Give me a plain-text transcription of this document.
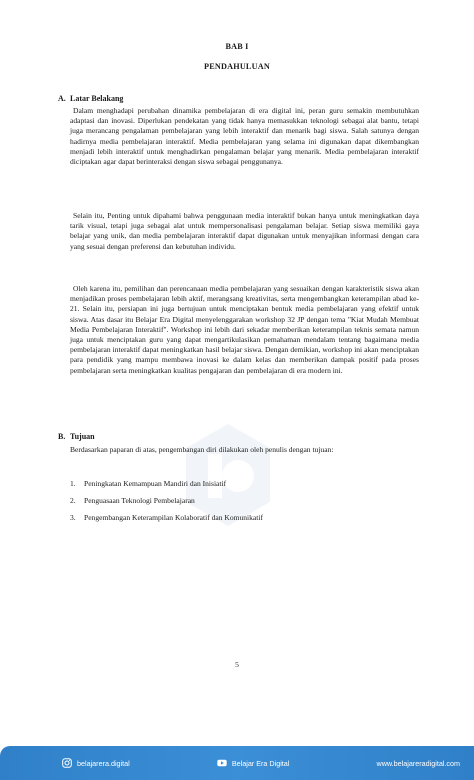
BAB I
PENDAHULUAN
A. Latar Belakang

Dalam menghadapi perubahan dinamika pembelajaran di era digital ini, peran guru semakin membutuhkan adaptasi dan inovasi. Diperlukan pendekatan yang tidak hanya memasukkan teknologi sebagai alat bantu, tetapi juga merancang pengalaman pembelajaran yang lebih interaktif dan menarik bagi siswa. Salah satunya dengan hadirnya media pembelajaran interaktif. Media pembelajaran yang selama ini digunakan dapat dikembangkan menjadi lebih interaktif untuk menghadirkan pengalaman belajar yang menarik. Media pembelajaran interaktif diciptakan agar dapat berinteraksi dengan siswa sebagai penggunanya.

Selain itu, Penting untuk dipahami bahwa penggunaan media interaktif bukan hanya untuk meningkatkan daya tarik visual, tetapi juga sebagai alat untuk mempersonalisasi pengalaman belajar. Setiap siswa memiliki gaya belajar yang unik, dan media pembelajaran interaktif dapat digunakan untuk menyajikan informasi dengan cara yang sesuai dengan preferensi dan kebutuhan individu.

Oleh karena itu, pemilihan dan perencanaan media pembelajaran yang sesuaikan dengan karakteristik siswa akan menjadikan proses pembelajaran lebih aktif, merangsang kreativitas, serta mengembangkan keterampilan abad ke-21. Selain itu, persiapan ini juga bertujuan untuk menciptakan bentuk media pembelajaran yang efektif untuk siswa. Atas dasar itu Belajar Era Digital menyelenggarakan workshop 32 JP dengan tema "Kiat Mudah Membuat Media Pembelajaran Interaktif". Workshop ini lebih dari sekadar memberikan keterampilan teknis semata namun juga untuk menciptakan guru yang dapat mengartikulasikan pemahaman mendalam tentang bagaimana media pembelajaran interaktif dapat meningkatkan hasil belajar siswa. Dengan demikian, workshop ini akan menciptakan para pendidik yang mampu membawa inovasi ke dalam kelas dan memberikan dampak positif pada proses pembelajaran serta meningkatkan kualitas pengajaran dan pembelajaran di era modern ini.

B. Tujuan

Berdasarkan paparan di atas, pengembangan diri dilakukan oleh penulis dengan tujuan:

1.	Peningkatan Kemampuan Mandiri dan Inisiatif
2.	Penguasaan Teknologi Pembelajaran
3.	Pengembangan Keterampilan Kolaboratif dan Komunikatif
5
belajarera.digital	Belajar Era Digital	www.belajareradigital.com
